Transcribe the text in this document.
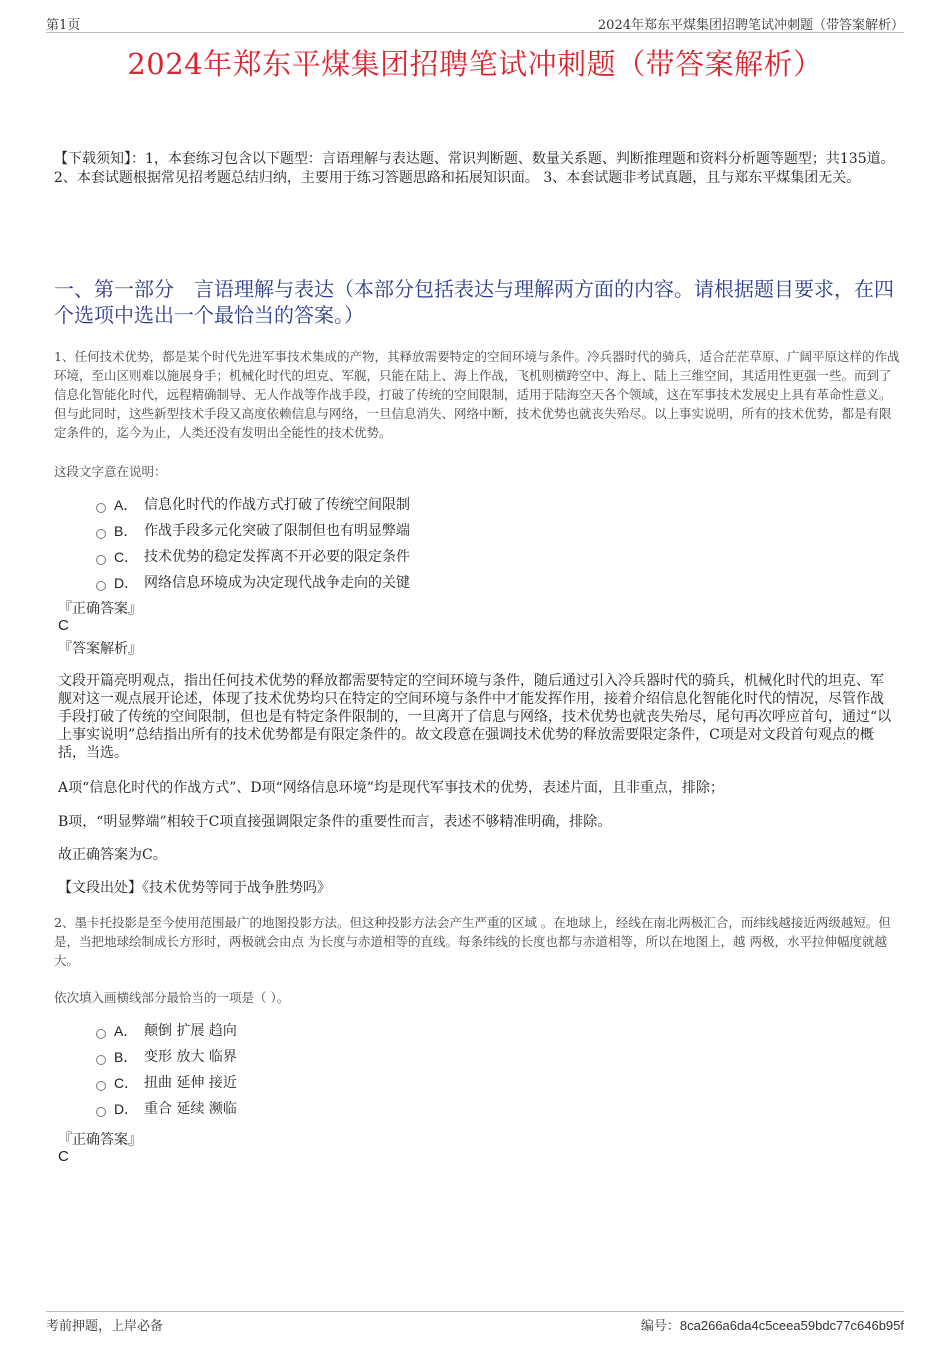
第1页	2024年郑东平煤集团招聘笔试冲刺题（带答案解析）
2024年郑东平煤集团招聘笔试冲刺题（带答案解析）
【下载须知】：1，本套练习包含以下题型：言语理解与表达题、常识判断题、数量关系题、判断推理题和资料分析题等题型；共135道。 2、本套试题根据常见招考题总结归纳，主要用于练习答题思路和拓展知识面。 3、本套试题非考试真题，且与郑东平煤集团无关。
一、第一部分　言语理解与表达（本部分包括表达与理解两方面的内容。请根据题目要求，在四个选项中选出一个最恰当的答案。）
1、任何技术优势，都是某个时代先进军事技术集成的产物，其释放需要特定的空间环境与条件。冷兵器时代的骑兵，适合茫茫草原、广阔平原这样的作战环境，至山区则难以施展身手；机械化时代的坦克、军舰，只能在陆上、海上作战，飞机则横跨空中、海上、陆上三维空间，其适用性更强一些。而到了信息化智能化时代，远程精确制导、无人作战等作战手段，打破了传统的空间限制，适用于陆海空天各个领域，这在军事技术发展史上具有革命性意义。但与此同时，这些新型技术手段又高度依赖信息与网络，一旦信息消失、网络中断，技术优势也就丧失殆尽。以上事实说明，所有的技术优势，都是有限定条件的，迄今为止，人类还没有发明出全能性的技术优势。
这段文字意在说明：
A． 信息化时代的作战方式打破了传统空间限制
B． 作战手段多元化突破了限制但也有明显弊端
C． 技术优势的稳定发挥离不开必要的限定条件
D． 网络信息环境成为决定现代战争走向的关键
『正确答案』
C
『答案解析』
文段开篇亮明观点，指出任何技术优势的释放都需要特定的空间环境与条件，随后通过引入冷兵器时代的骑兵，机械化时代的坦克、军舰对这一观点展开论述，体现了技术优势均只在特定的空间环境与条件中才能发挥作用，接着介绍信息化智能化时代的情况，尽管作战手段打破了传统的空间限制，但也是有特定条件限制的，一旦离开了信息与网络，技术优势也就丧失殆尽，尾句再次呼应首句，通过“以上事实说明”总结指出所有的技术优势都是有限定条件的。故文段意在强调技术优势的释放需要限定条件，C项是对文段首句观点的概括，当选。
A项“信息化时代的作战方式”、D项“网络信息环境”均是现代军事技术的优势，表述片面，且非重点，排除；
B项，“明显弊端”相较于C项直接强调限定条件的重要性而言，表述不够精准明确，排除。
故正确答案为C。
【文段出处】《技术优势等同于战争胜势吗》
2、墨卡托投影是至今使用范围最广的地图投影方法。但这种投影方法会产生严重的区域 。在地球上，经线在南北两极汇合，而纬线越接近两级越短。但是，当把地球绘制成长方形时，两极就会由点 为长度与赤道相等的直线。每条纬线的长度也都与赤道相等，所以在地图上，越 两极，水平拉伸幅度就越大。
依次填入画横线部分最恰当的一项是（ ）。
A． 颠倒 扩展 趋向
B． 变形 放大 临界
C． 扭曲 延伸 接近
D． 重合 延续 濒临
『正确答案』
C
考前押题，上岸必备	编号：8ca266a6da4c5ceea59bdc77c646b95f
